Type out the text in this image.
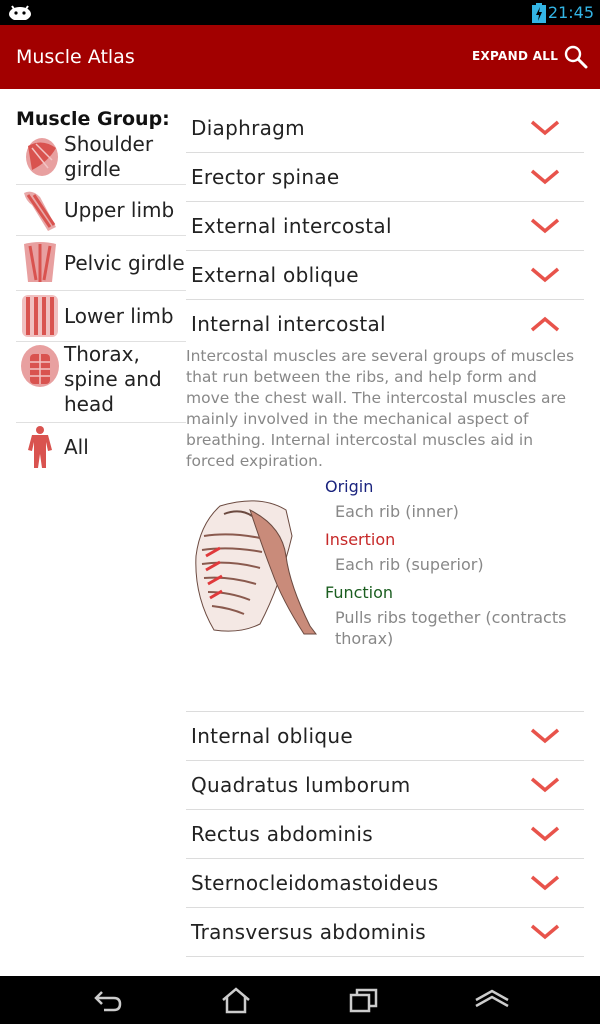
21:45
Muscle Atlas	EXPAND ALL
Muscle Group:
Shoulder girdle
Upper limb
Pelvic girdle
Lower limb
Thorax, spine and head
All
Diaphragm
Erector spinae
External intercostal
External oblique
Internal intercostal
Intercostal muscles are several groups of muscles that run between the ribs, and help form and move the chest wall. The intercostal muscles are mainly involved in the mechanical aspect of breathing. Internal intercostal muscles aid in forced expiration.
Origin
Each rib (inner)
Insertion
Each rib (superior)
Function
Pulls ribs together (contracts thorax)
Internal oblique
Quadratus lumborum
Rectus abdominis
Sternocleidomastoideus
Transversus abdominis
